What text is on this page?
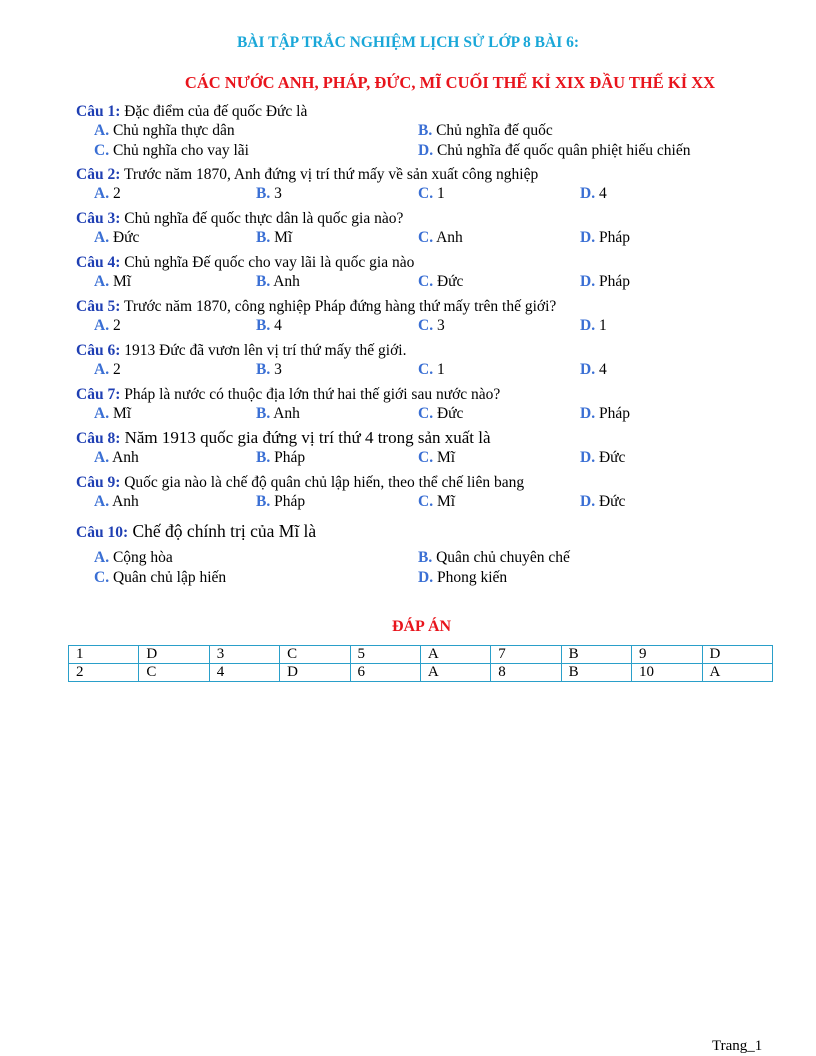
BÀI TẬP TRẮC NGHIỆM LỊCH SỬ LỚP 8 BÀI 6:
CÁC NƯỚC ANH, PHÁP, ĐỨC, MĨ CUỐI THẾ KỈ XIX ĐẦU THẾ KỈ XX
Câu 1: Đặc điểm của đế quốc Đức là
A. Chủ nghĩa thực dân	B. Chủ nghĩa đế quốc
C. Chủ nghĩa cho vay lãi	D. Chủ nghĩa đế quốc quân phiệt hiếu chiến
Câu 2: Trước năm 1870, Anh đứng vị trí thứ mấy về sản xuất công nghiệp
A. 2	B. 3	C. 1	D. 4
Câu 3: Chủ nghĩa đế quốc thực dân là quốc gia nào?
A. Đức	B. Mĩ	C. Anh	D. Pháp
Câu 4: Chủ nghĩa Đế quốc cho vay lãi là quốc gia nào
A. Mĩ	B. Anh	C. Đức	D. Pháp
Câu 5: Trước năm 1870, công nghiệp Pháp đứng hàng thứ mấy trên thế giới?
A. 2	B. 4	C. 3	D. 1
Câu 6: 1913 Đức đã vươn lên vị trí thứ mấy thế giới.
A. 2	B. 3	C. 1	D. 4
Câu 7: Pháp là nước có thuộc địa lớn thứ hai thế giới sau nước nào?
A. Mĩ	B. Anh	C. Đức	D. Pháp
Câu 8: Năm 1913 quốc gia đứng vị trí thứ 4 trong sản xuất là
A. Anh	B. Pháp	C. Mĩ	D. Đức
Câu 9: Quốc gia nào là chế độ quân chủ lập hiến, theo thể chế liên bang
A. Anh	B. Pháp	C. Mĩ	D. Đức
Câu 10: Chế độ chính trị của Mĩ là
A. Cộng hòa	B. Quân chủ chuyên chế
C. Quân chủ lập hiến	D. Phong kiến
ĐÁP ÁN
1	D	3	C	5	A	7	B	9	D
2	C	4	D	6	A	8	B	10	A
Trang_1
